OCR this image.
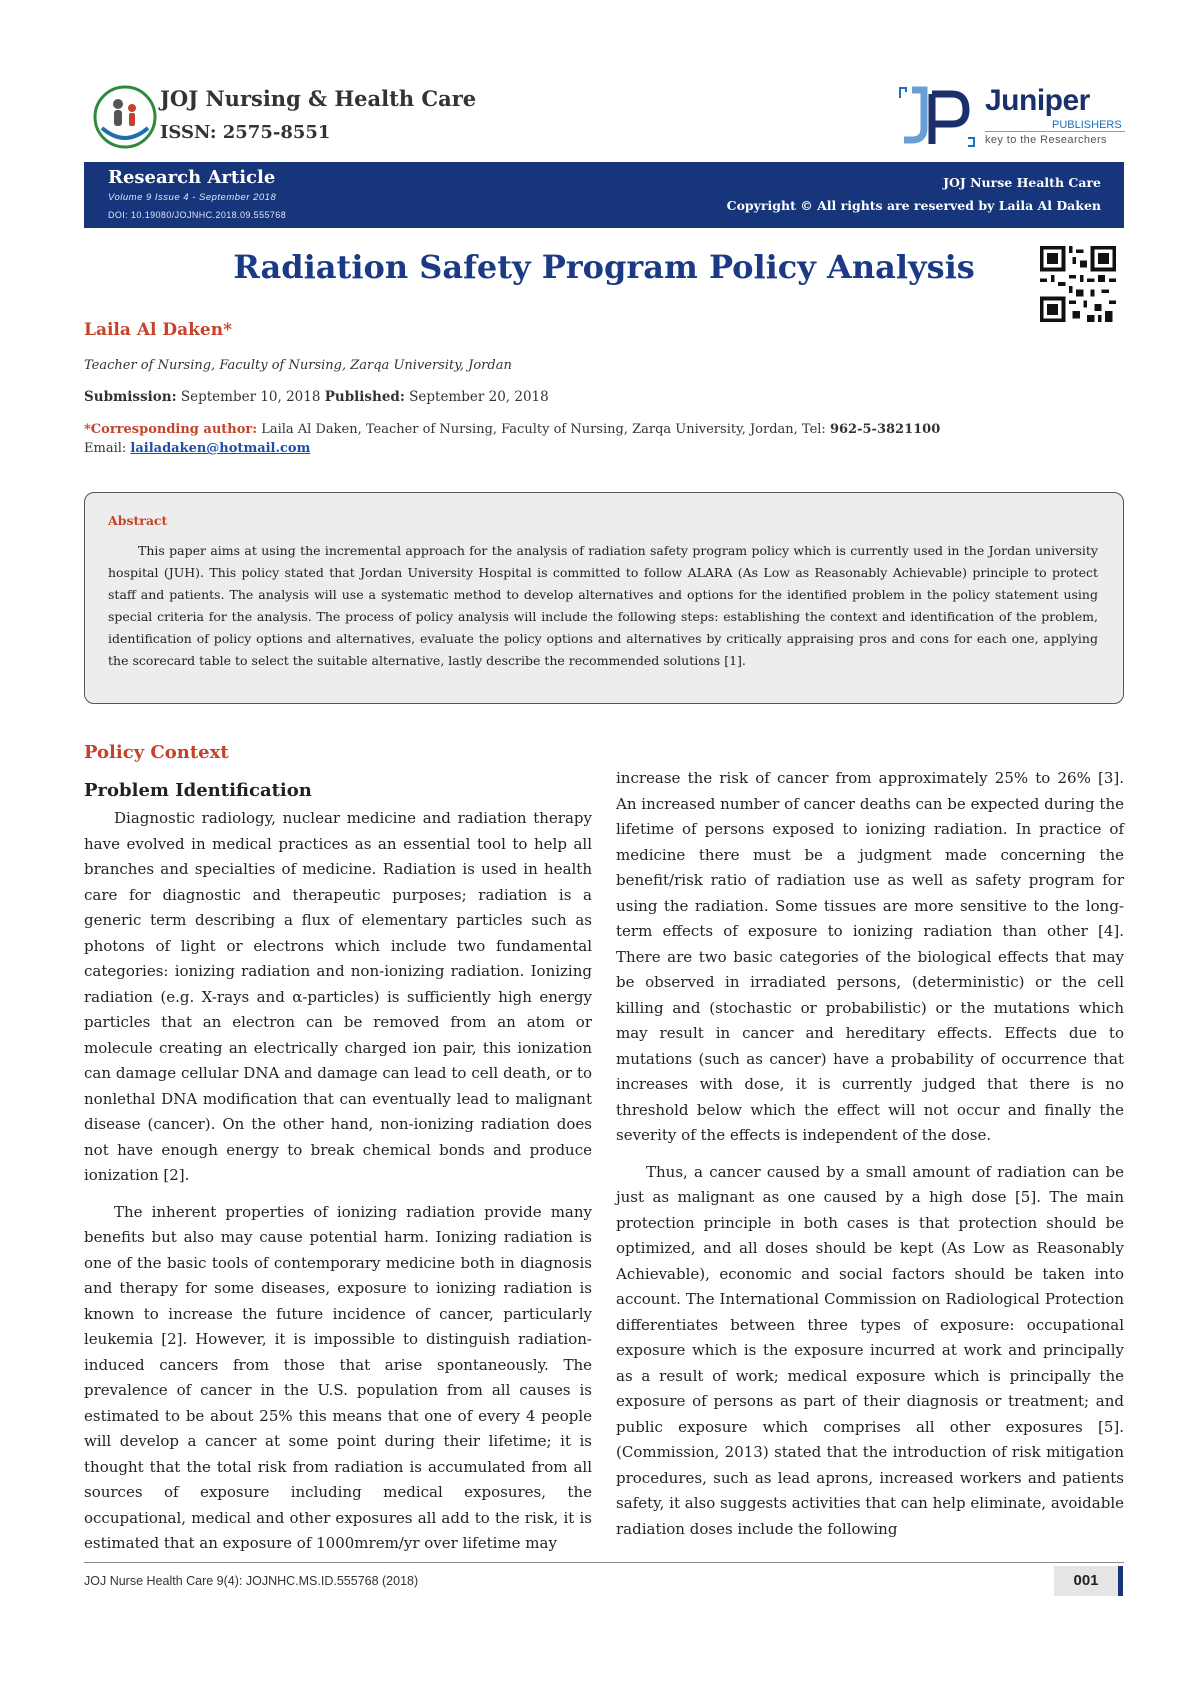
JOJ Nursing & Health Care
ISSN: 2575-8551
Juniper
PUBLISHERS
key to the Researchers
Research Article
Volume 9 Issue 4 - September 2018
DOI: 10.19080/JOJNHC.2018.09.555768
JOJ Nurse Health Care
Copyright © All rights are reserved by Laila Al Daken
Radiation Safety Program Policy Analysis
Laila Al Daken*
Teacher of Nursing, Faculty of Nursing, Zarqa University, Jordan
Submission: September 10, 2018 Published: September 20, 2018
*Corresponding author: Laila Al Daken, Teacher of Nursing, Faculty of Nursing, Zarqa University, Jordan, Tel: 962-5-3821100
Email: lailadaken@hotmail.com
Abstract
This paper aims at using the incremental approach for the analysis of radiation safety program policy which is currently used in the Jordan university hospital (JUH). This policy stated that Jordan University Hospital is committed to follow ALARA (As Low as Reasonably Achievable) principle to protect staff and patients. The analysis will use a systematic method to develop alternatives and options for the identified problem in the policy statement using special criteria for the analysis. The process of policy analysis will include the following steps: establishing the context and identification of the problem, identification of policy options and alternatives, evaluate the policy options and alternatives by critically appraising pros and cons for each one, applying the scorecard table to select the suitable alternative, lastly describe the recommended solutions [1].
Policy Context
Problem Identification

Diagnostic radiology, nuclear medicine and radiation therapy have evolved in medical practices as an essential tool to help all branches and specialties of medicine. Radiation is used in health care for diagnostic and therapeutic purposes; radiation is a generic term describing a flux of elementary particles such as photons of light or electrons which include two fundamental categories: ionizing radiation and non-ionizing radiation. Ionizing radiation (e.g. X-rays and α-particles) is sufficiently high energy particles that an electron can be removed from an atom or molecule creating an electrically charged ion pair, this ionization can damage cellular DNA and damage can lead to cell death, or to nonlethal DNA modification that can eventually lead to malignant disease (cancer). On the other hand, non-ionizing radiation does not have enough energy to break chemical bonds and produce ionization [2].

The inherent properties of ionizing radiation provide many benefits but also may cause potential harm. Ionizing radiation is one of the basic tools of contemporary medicine both in diagnosis and therapy for some diseases, exposure to ionizing radiation is known to increase the future incidence of cancer, particularly leukemia [2]. However, it is impossible to distinguish radiation-induced cancers from those that arise spontaneously. The prevalence of cancer in the U.S. population from all causes is estimated to be about 25% this means that one of every 4 people will develop a cancer at some point during their lifetime; it is thought that the total risk from radiation is accumulated from all sources of exposure including medical exposures, the occupational, medical and other exposures all add to the risk, it is estimated that an exposure of 1000mrem/yr over lifetime may

increase the risk of cancer from approximately 25% to 26% [3]. An increased number of cancer deaths can be expected during the lifetime of persons exposed to ionizing radiation. In practice of medicine there must be a judgment made concerning the benefit/risk ratio of radiation use as well as safety program for using the radiation. Some tissues are more sensitive to the long-term effects of exposure to ionizing radiation than other [4]. There are two basic categories of the biological effects that may be observed in irradiated persons, (deterministic) or the cell killing and (stochastic or probabilistic) or the mutations which may result in cancer and hereditary effects. Effects due to mutations (such as cancer) have a probability of occurrence that increases with dose, it is currently judged that there is no threshold below which the effect will not occur and finally the severity of the effects is independent of the dose.

Thus, a cancer caused by a small amount of radiation can be just as malignant as one caused by a high dose [5]. The main protection principle in both cases is that protection should be optimized, and all doses should be kept (As Low as Reasonably Achievable), economic and social factors should be taken into account. The International Commission on Radiological Protection differentiates between three types of exposure: occupational exposure which is the exposure incurred at work and principally as a result of work; medical exposure which is principally the exposure of persons as part of their diagnosis or treatment; and public exposure which comprises all other exposures [5]. (Commission, 2013) stated that the introduction of risk mitigation procedures, such as lead aprons, increased workers and patients safety, it also suggests activities that can help eliminate, avoidable radiation doses include the following

JOJ Nurse Health Care 9(4): JOJNHC.MS.ID.555768 (2018)	001
